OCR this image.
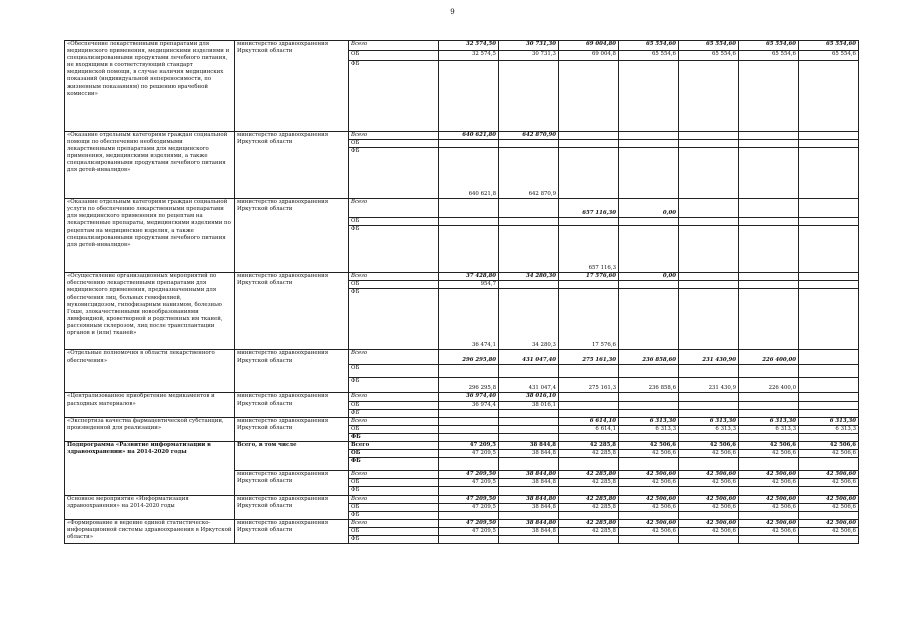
9
«Обеспечение лекарственными препаратами для медицинского применения, медицинскими изделиями и специализированными продуктами лечебного питания, не входящими в соответствующий стандарт медицинской помощи, в случае наличия медицинских показаний (индивидуальной непереносимости, по жизненным показаниям) по решению врачебной комиссии»	министерство здравоохранения Иркутской области	Всего	32 574,50	30 731,30	69 004,80	65 554,60	65 554,60	65 554,60	65 554,60
		ОБ	32 574,5	30 731,3	69 004,8	65 554,6	65 554,6	65 554,6	65 554,6
		ФБ							
«Оказание отдельным категориям граждан социальной помощи по обеспечению необходимыми лекарственными препаратами для медицинского применения, медицинскими изделиями, а также специализированными продуктами лечебного питания для детей-инвалидов»	министерство здравоохранения Иркутской области	Всего	640 621,80	642 870,90					
		ОБ							
		ФБ	640 621,8	642 870,9					
«Оказание отдельным категориям граждан социальной услуги по обеспечению лекарственными препаратами для медицинского применения по рецептам на лекарственные препараты, медицинскими изделиями по рецептам на медицинские изделия, а также специализированными продуктами лечебного питания для детей-инвалидов»	министерство здравоохранения Иркутской области	Всего			657 116,30	0,00			
		ОБ							
		ФБ			657 116,3				
«Осуществление организационных мероприятий по обеспечению лекарственными препаратами для медицинского применения, предназначенными для обеспечения лиц, больных гемофилией, муковисцидозом, гипофизарным нанизмом, болезнью Гоше, злокачественными новообразованиями лимфоидной, кроветворной и родственных им тканей, рассеянным склерозом, лиц после трансплантации органов и (или) тканей»	министерство здравоохранения Иркутской области	Всего	37 428,80	34 280,30	17 576,60	0,00			
		ОБ	954,7						
		ФБ	36 474,1	34 280,3	17 576,6				
«Отдельные полномочия в области лекарственного обеспечения»	министерство здравоохранения Иркутской области	Всего	296 295,80	431 047,40	275 161,30	236 858,60	231 430,90	226 400,00	
		ОБ							
		ФБ	296 295,8	431 047,4	275 161,3	236 858,6	231 430,9	226 400,0	
«Централизованное приобретение медикаментов и расходных материалов»	министерство здравоохранения Иркутской области	Всего	36 974,40	38 016,10					
		ОБ	36 974,4	38 016,1					
		ФБ							
«Экспертиза качества фармацевтической субстанции, произведенной для реализации»	министерство здравоохранения Иркутской области	Всего			6 614,10	6 313,30	6 313,30	6 313,30	6 313,30
		ОБ			6 614,1	6 313,3	6 313,3	6 313,3	6 313,3
		ФБ							
Подпрограмма «Развитие информатизации в здравоохранении» на 2014-2020 годы	Всего, в том числе	Всего	47 209,5	38 844,8	42 285,8	42 506,6	42 506,6	42 506,6	42 506,6
		ОБ	47 209,5	38 844,8	42 285,8	42 506,6	42 506,6	42 506,6	42 506,6
		ФБ							
	министерство здравоохранения Иркутской области	Всего	47 209,50	38 844,80	42 285,80	42 506,60	42 506,60	42 506,60	42 506,60
		ОБ	47 209,5	38 844,8	42 285,8	42 506,6	42 506,6	42 506,6	42 506,6
		ФБ							
Основное мероприятие «Информатизация здравоохранения» на 2014-2020 годы	министерство здравоохранения Иркутской области	Всего	47 209,50	38 844,80	42 285,80	42 506,60	42 506,60	42 506,60	42 506,60
		ОБ	47 209,5	38 844,8	42 285,8	42 506,6	42 506,6	42 506,6	42 506,6
		ФБ							
«Формирование и ведение единой статистическо-информационной системы здравоохранения в Иркутской области»	министерство здравоохранения Иркутской области	Всего	47 209,50	38 844,80	42 285,80	42 506,60	42 506,60	42 506,60	42 506,60
		ОБ	47 209,5	38 844,8	42 285,8	42 506,6	42 506,6	42 506,6	42 506,6
		ФБ							
